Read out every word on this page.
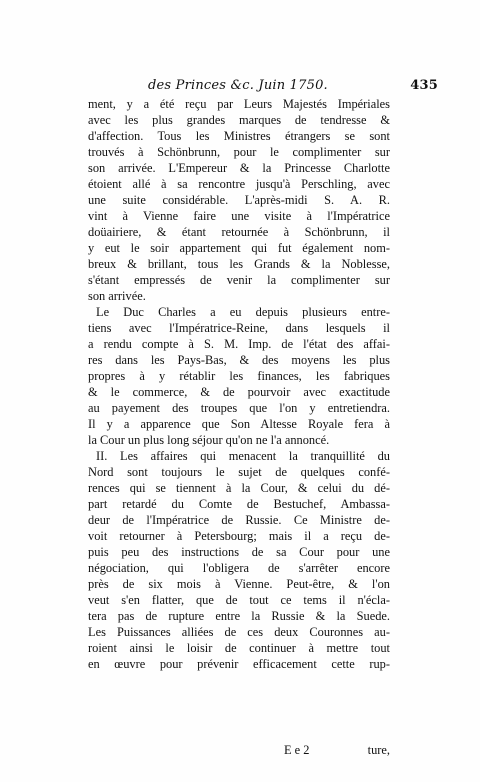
des Princes &c. Juin 1750.	435
ment, y a été reçu par Leurs Majestés Impériales
avec les plus grandes marques de tendresse &
d'affection. Tous les Ministres étrangers se sont
trouvés à Schönbrunn, pour le complimenter sur
son arrivée. L'Empereur & la Princesse Charlotte
étoient allé à sa rencontre jusqu'à Perschling, avec
une suite considérable. L'après-midi S. A. R.
vint à Vienne faire une visite à l'Impératrice
doüairiere, & étant retournée à Schönbrunn, il
y eut le soir appartement qui fut également nom-
breux & brillant, tous les Grands & la Noblesse,
s'étant empressés de venir la complimenter sur
son arrivée.
Le Duc Charles a eu depuis plusieurs entre-
tiens avec l'Impératrice-Reine, dans lesquels il
a rendu compte à S. M. Imp. de l'état des affai-
res dans les Pays-Bas, & des moyens les plus
propres à y rétablir les finances, les fabriques
& le commerce, & de pourvoir avec exactitude
au payement des troupes que l'on y entretiendra.
Il y a apparence que Son Altesse Royale fera à
la Cour un plus long séjour qu'on ne l'a annoncé.
II. Les affaires qui menacent la tranquillité du
Nord sont toujours le sujet de quelques confé-
rences qui se tiennent à la Cour, & celui du dé-
part retardé du Comte de Bestuchef, Ambassa-
deur de l'Impératrice de Russie. Ce Ministre de-
voit retourner à Petersbourg; mais il a reçu de-
puis peu des instructions de sa Cour pour une
négociation, qui l'obligera de s'arrêter encore
près de six mois à Vienne. Peut-être, & l'on
veut s'en flatter, que de tout ce tems il n'écla-
tera pas de rupture entre la Russie & la Suede.
Les Puissances alliées de ces deux Couronnes au-
roient ainsi le loisir de continuer à mettre tout
en œuvre pour prévenir efficacement cette rup-
E e 2	ture,
